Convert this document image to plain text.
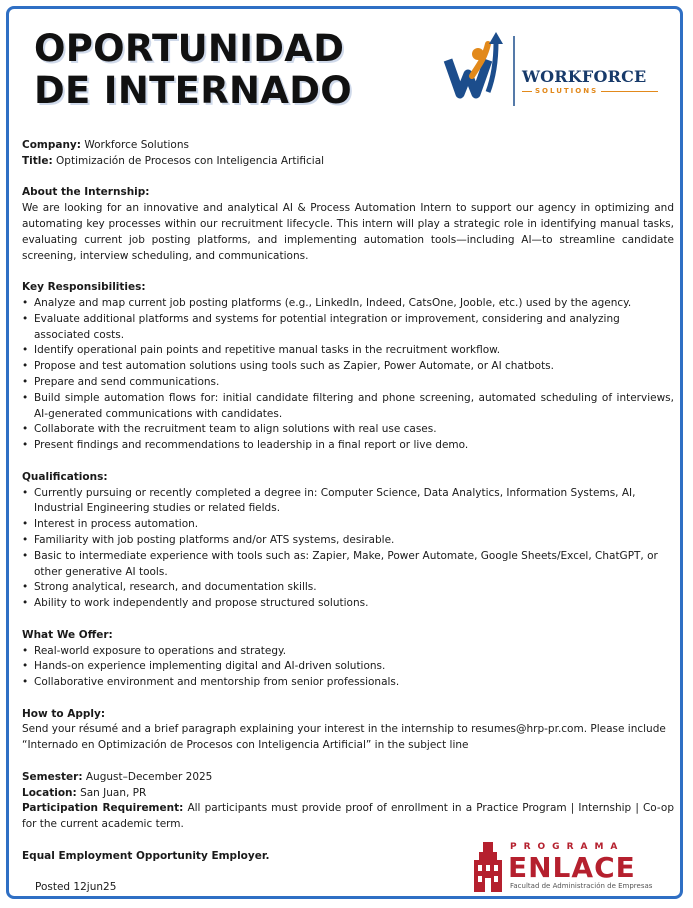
OPORTUNIDAD
DE INTERNADO	WORKFORCE
SOLUTIONS

Company: Workforce Solutions

Title: Optimización de Procesos con Inteligencia Artificial

About the Internship:

We are looking for an innovative and analytical AI & Process Automation Intern to support our agency in optimizing and automating key processes within our recruitment lifecycle. This intern will play a strategic role in identifying manual tasks, evaluating current job posting platforms, and implementing automation tools—including AI—to streamline candidate screening, interview scheduling, and communications.

Key Responsibilities:

• Analyze and map current job posting platforms (e.g., LinkedIn, Indeed, CatsOne, Jooble, etc.) used by the agency.
• Evaluate additional platforms and systems for potential integration or improvement, considering and analyzing associated costs.
• Identify operational pain points and repetitive manual tasks in the recruitment workflow.
• Propose and test automation solutions using tools such as Zapier, Power Automate, or AI chatbots.
• Prepare and send communications.
• Build simple automation flows for: initial candidate filtering and phone screening, automated scheduling of interviews, AI-generated communications with candidates.
• Collaborate with the recruitment team to align solutions with real use cases.
• Present findings and recommendations to leadership in a final report or live demo.

Qualifications:

• Currently pursuing or recently completed a degree in: Computer Science, Data Analytics, Information Systems, AI, Industrial Engineering studies or related fields.
• Interest in process automation.
• Familiarity with job posting platforms and/or ATS systems, desirable.
• Basic to intermediate experience with tools such as: Zapier, Make, Power Automate, Google Sheets/Excel, ChatGPT, or other generative AI tools.
• Strong analytical, research, and documentation skills.
• Ability to work independently and propose structured solutions.

What We Offer:

• Real-world exposure to operations and strategy.
• Hands-on experience implementing digital and AI-driven solutions.
• Collaborative environment and mentorship from senior professionals.

How to Apply:

Send your résumé and a brief paragraph explaining your interest in the internship to resumes@hrp-pr.com. Please include “Internado en Optimización de Procesos con Inteligencia Artificial” in the subject line

Semester: August–December 2025

Location: San Juan, PR

Participation Requirement: All participants must provide proof of enrollment in a Practice Program | Internship | Co-op for the current academic term.

Equal Employment Opportunity Employer.

Posted 12jun25
PROGRAMA
ENLACE
Facultad de Administración de Empresas
